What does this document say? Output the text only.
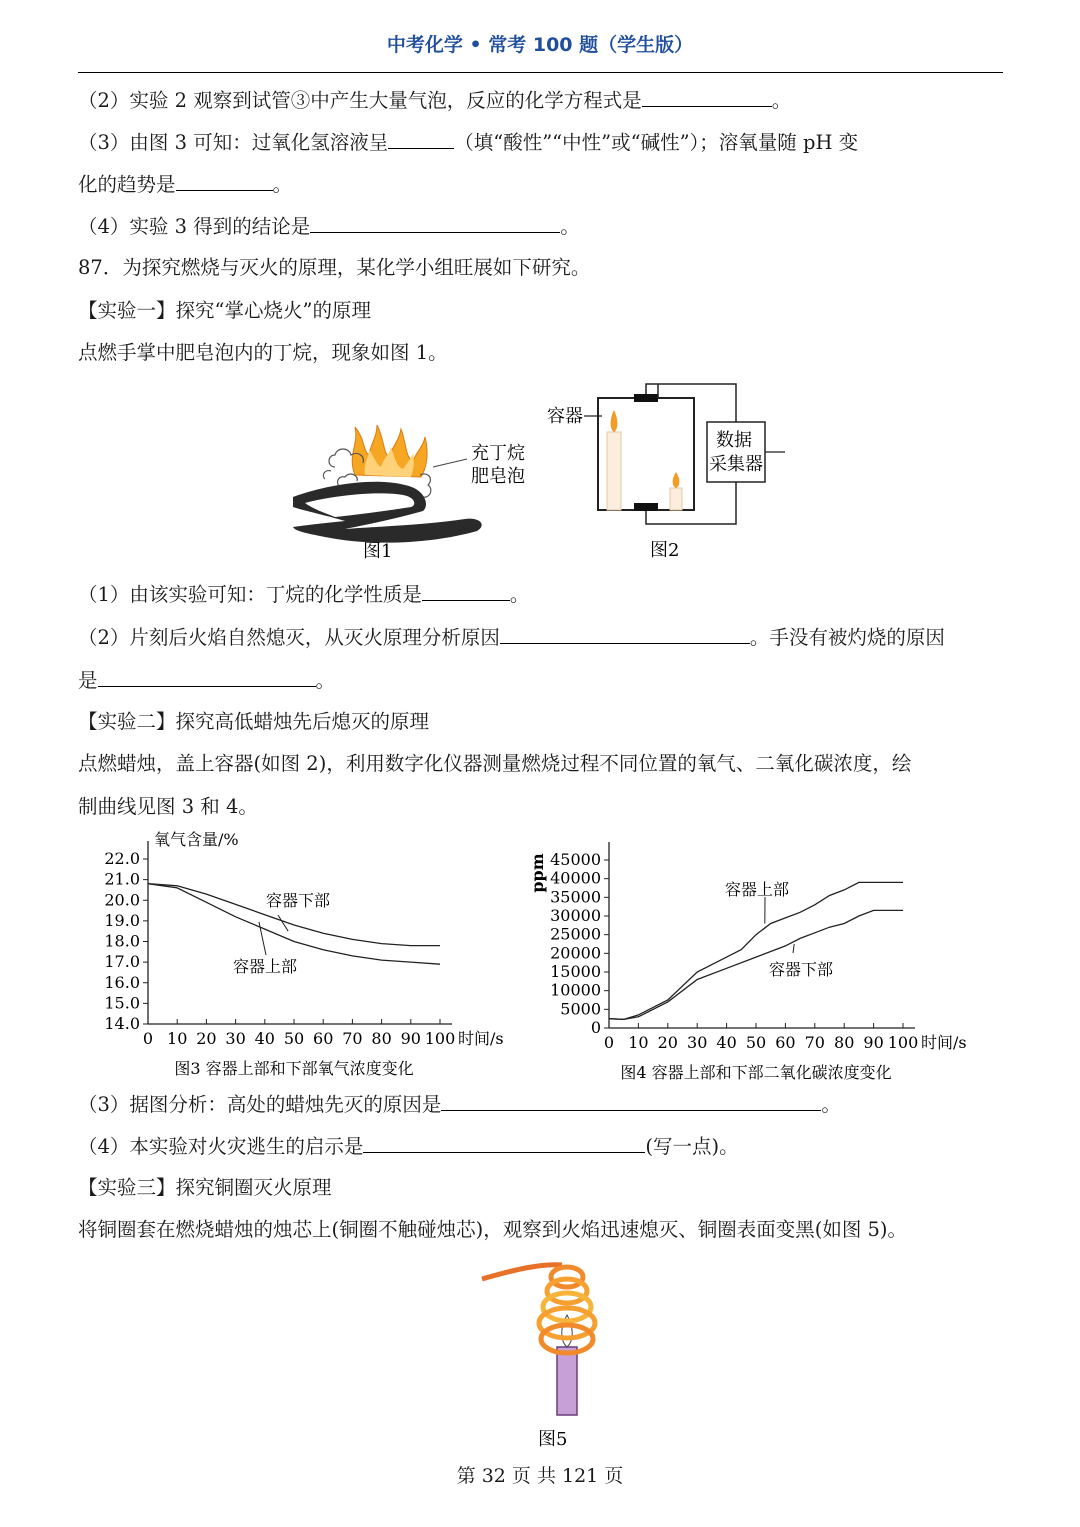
中考化学 • 常考 100 题（学生版）
（2）实验 2 观察到试管③中产生大量气泡，反应的化学方程式是	。
（3）由图 3 可知：过氧化氢溶液呈	（填“酸性”“中性”或“碱性”）；溶氧量随 pH 变
化的趋势是	。
（4）实验 3 得到的结论是	。
87．为探究燃烧与灭火的原理，某化学小组旺展如下研究。
【实验一】探究“掌心烧火”的原理
点燃手掌中肥皂泡内的丁烷，现象如图 1。
充丁烷
肥皂泡
图1
数据
采集器
容器
图2
（1）由该实验可知：丁烷的化学性质是	。
（2）片刻后火焰自然熄灭，从灭火原理分析原因	。手没有被灼烧的原因
是	。
【实验二】探究高低蜡烛先后熄灭的原理
点燃蜡烛，盖上容器(如图 2)，利用数字化仪器测量燃烧过程不同位置的氧气、二氧化碳浓度，绘
制曲线见图 3 和 4。
0 10 20 30 40 50 60 70 80 90 100
14.0
15.0
16.0
17.0
18.0
19.0
20.0
21.0
22.0
时间/s
氧气含量/%
容器下部
容器上部
图3 容器上部和下部氧气浓度变化
0 10 20 30 40 50 60 70 80 90 100
0
5000
10000
15000
20000
25000
30000
35000
40000
45000
时间/s
ppm	容器上部
容器下部
图4 容器上部和下部二氧化碳浓度变化
（3）据图分析：高处的蜡烛先灭的原因是	。
（4）本实验对火灾逃生的启示是	(写一点)。
【实验三】探究铜圈灭火原理
将铜圈套在燃烧蜡烛的烛芯上(铜圈不触碰烛芯)，观察到火焰迅速熄灭、铜圈表面变黑(如图 5)。
图5
第 32 页 共 121 页
